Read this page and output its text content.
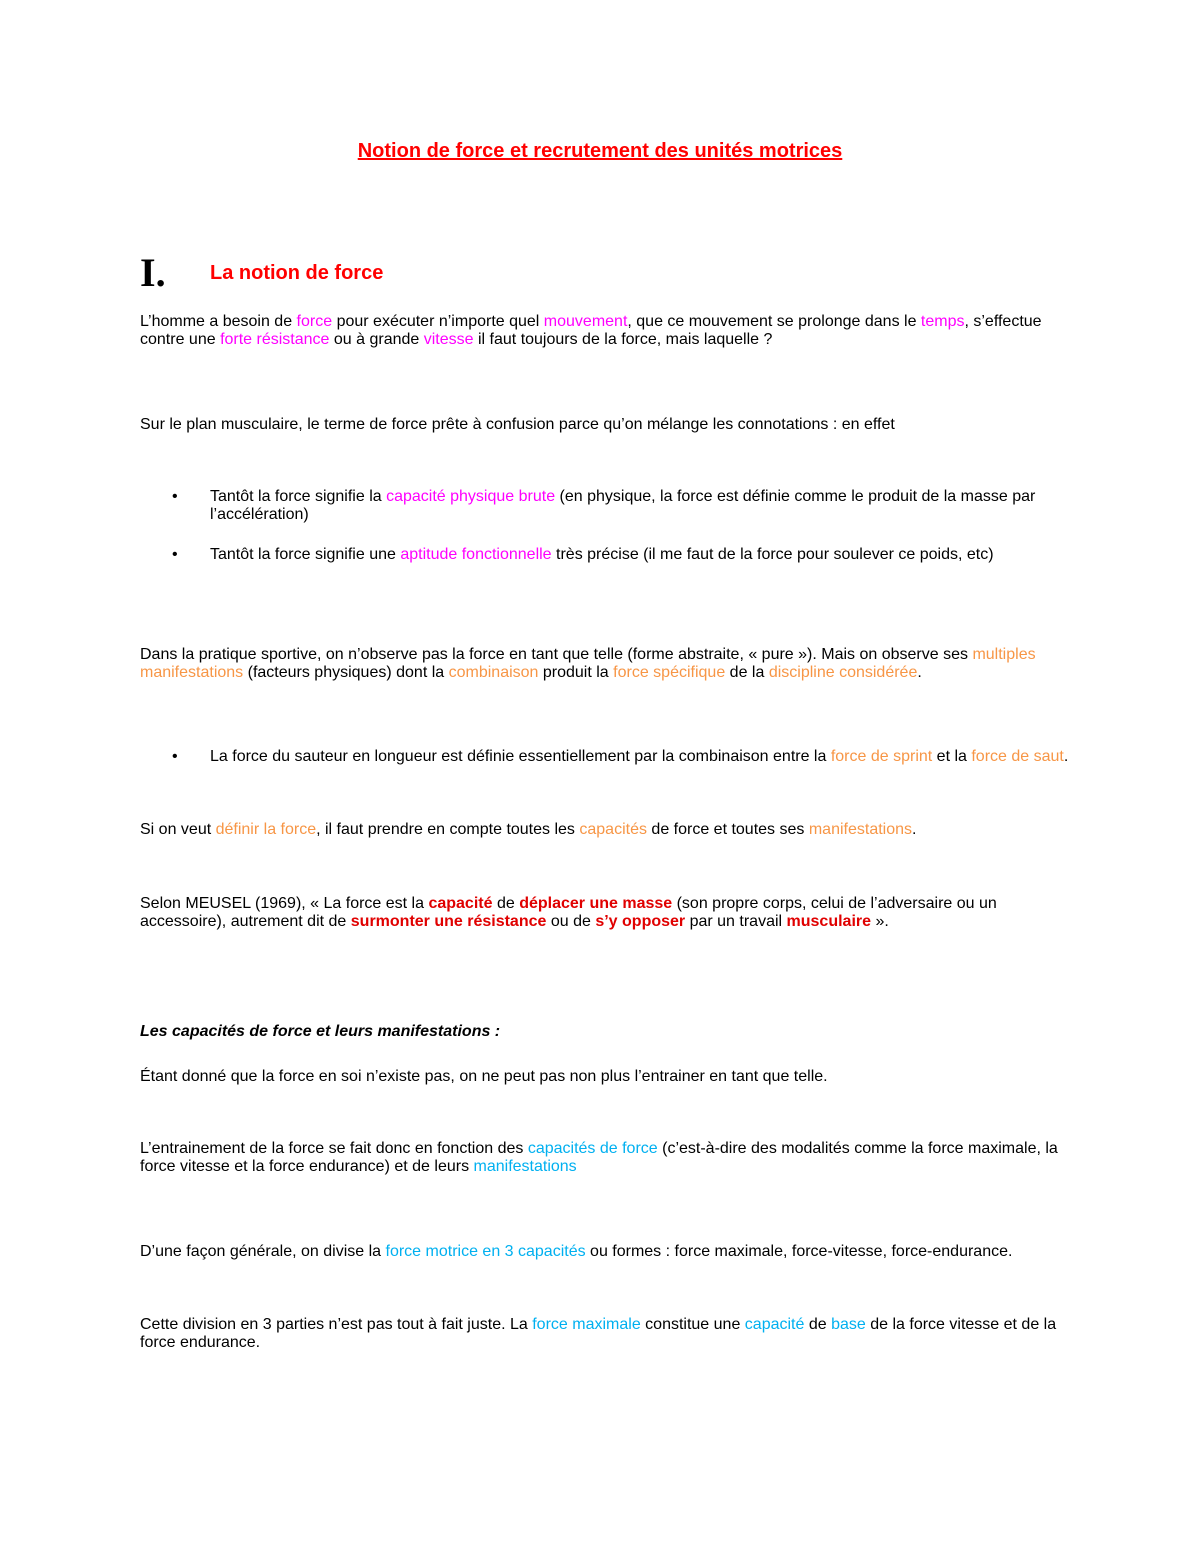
Notion de force et recrutement des unités motrices
I.	La notion de force

L’homme a besoin de force pour exécuter n’importe quel mouvement, que ce mouvement se prolonge dans le temps, s’effectue contre une forte résistance ou à grande vitesse il faut toujours de la force, mais laquelle ?

Sur le plan musculaire, le terme de force prête à confusion parce qu’on mélange les connotations : en effet

• Tantôt la force signifie la capacité physique brute (en physique, la force est définie comme le produit de la masse par l’accélération)
• Tantôt la force signifie une aptitude fonctionnelle très précise (il me faut de la force pour soulever ce poids, etc)

Dans la pratique sportive, on n’observe pas la force en tant que telle (forme abstraite, « pure »). Mais on observe ses multiples manifestations (facteurs physiques) dont la combinaison produit la force spécifique de la discipline considérée.

• La force du sauteur en longueur est définie essentiellement par la combinaison entre la force de sprint et la force de saut.

Si on veut définir la force, il faut prendre en compte toutes les capacités de force et toutes ses manifestations.

Selon MEUSEL (1969), « La force est la capacité de déplacer une masse (son propre corps, celui de l’adversaire ou un accessoire), autrement dit de surmonter une résistance ou de s’y opposer par un travail musculaire ».

Les capacités de force et leurs manifestations :

Étant donné que la force en soi n’existe pas, on ne peut pas non plus l’entrainer en tant que telle.

L’entrainement de la force se fait donc en fonction des capacités de force (c’est-à-dire des modalités comme la force maximale, la force vitesse et la force endurance) et de leurs manifestations

D’une façon générale, on divise la force motrice en 3 capacités ou formes : force maximale, force-vitesse, force-endurance.

Cette division en 3 parties n’est pas tout à fait juste. La force maximale constitue une capacité de base de la force vitesse et de la force endurance.
